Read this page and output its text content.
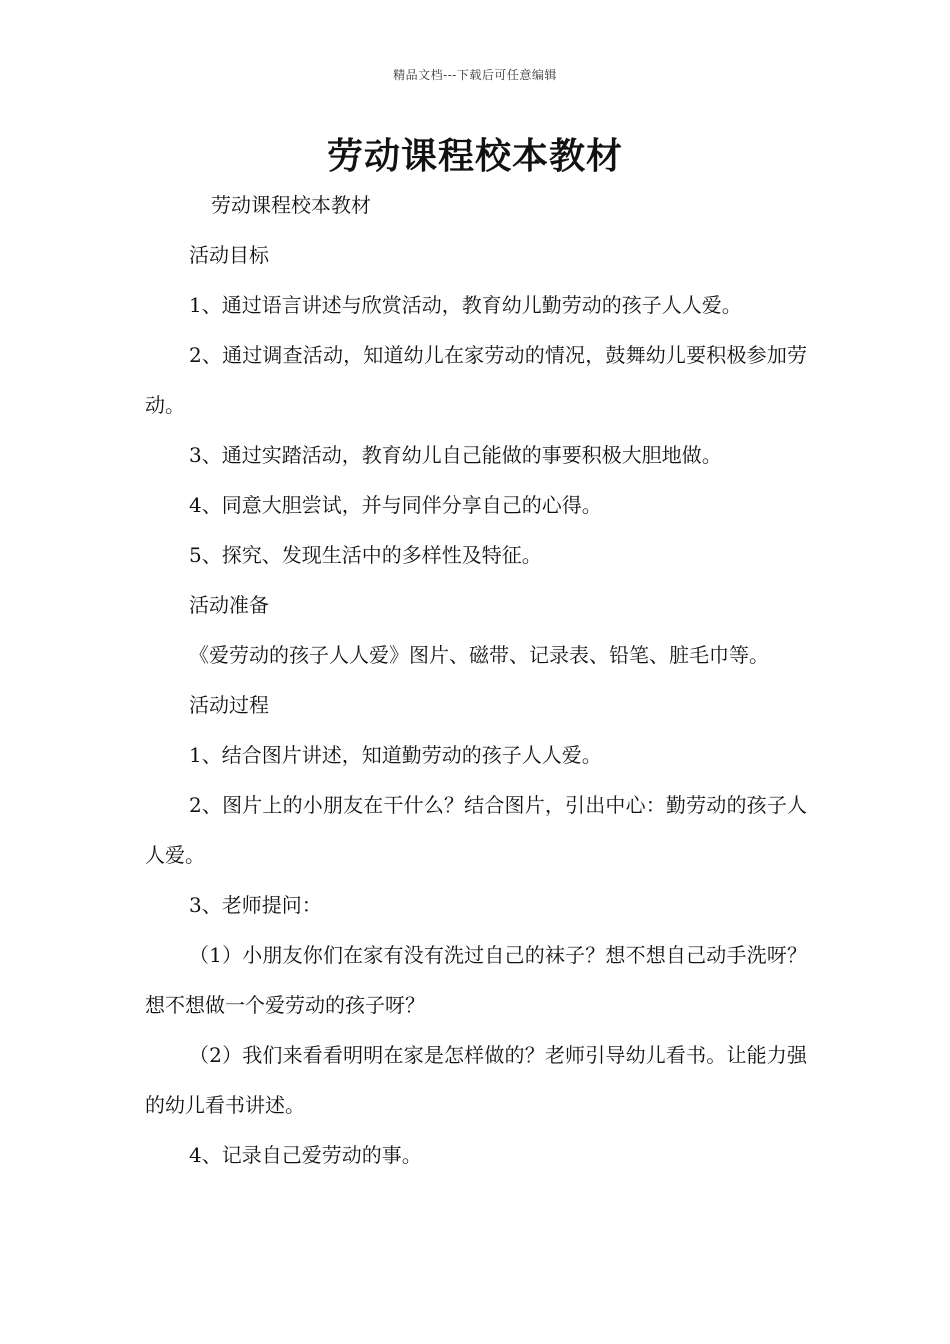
精品文档---下载后可任意编辑
劳动课程校本教材

劳动课程校本教材

活动目标

1、通过语言讲述与欣赏活动，教育幼儿勤劳动的孩子人人爱。

2、通过调查活动，知道幼儿在家劳动的情况，鼓舞幼儿要积极参加劳动。

3、通过实踏活动，教育幼儿自己能做的事要积极大胆地做。

4、同意大胆尝试，并与同伴分享自己的心得。

5、探究、发现生活中的多样性及特征。

活动准备

《爱劳动的孩子人人爱》图片、磁带、记录表、铅笔、脏毛巾等。

活动过程

1、结合图片讲述，知道勤劳动的孩子人人爱。

2、图片上的小朋友在干什么？结合图片，引出中心：勤劳动的孩子人人爱。

3、老师提问：

（1）小朋友你们在家有没有洗过自己的袜子？想不想自己动手洗呀？想不想做一个爱劳动的孩子呀？

（2）我们来看看明明在家是怎样做的？老师引导幼儿看书。让能力强的幼儿看书讲述。

4、记录自己爱劳动的事。
